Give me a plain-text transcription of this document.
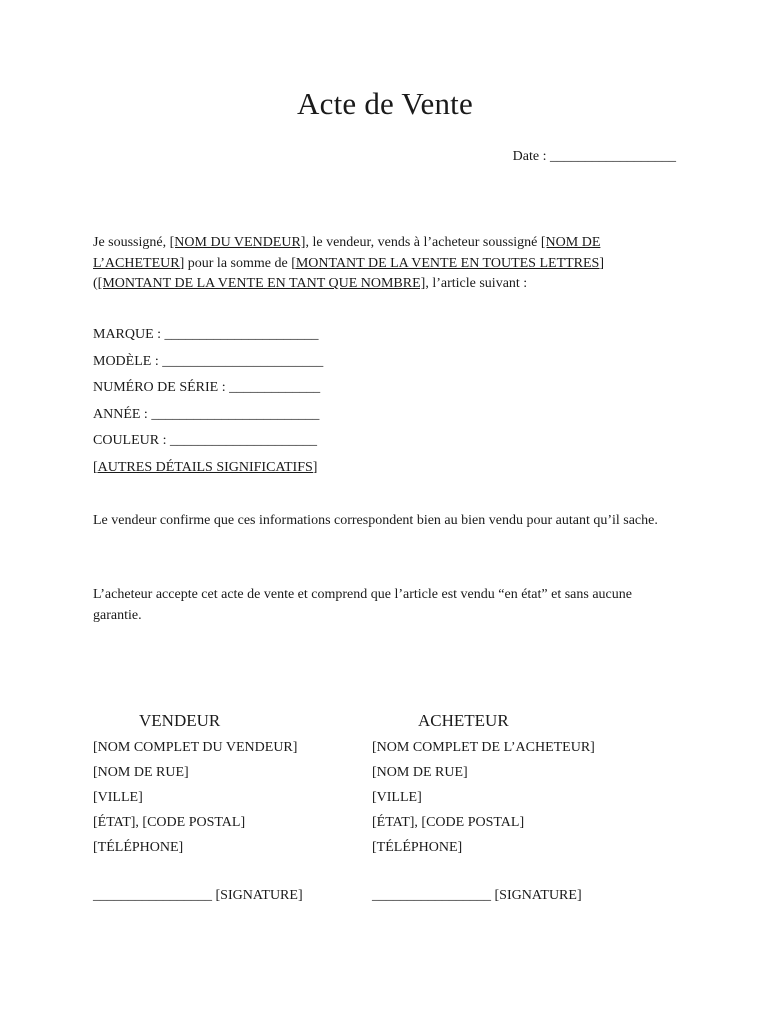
Acte de Vente
Date : __________________
Je soussigné, [NOM DU VENDEUR], le vendeur, vends à l’acheteur soussigné [NOM DE L’ACHETEUR] pour la somme de [MONTANT DE LA VENTE EN TOUTES LETTRES] ([MONTANT DE LA VENTE EN TANT QUE NOMBRE], l’article suivant :
MARQUE : ______________________
MODÈLE : _______________________
NUMÉRO DE SÉRIE : _____________
ANNÉE : ________________________
COULEUR : _____________________
[AUTRES DÉTAILS SIGNIFICATIFS]
Le vendeur confirme que ces informations correspondent bien au bien vendu pour autant qu’il sache.
L’acheteur accepte cet acte de vente et comprend que l’article est vendu “en état” et sans aucune garantie.
VENDEUR
[NOM COMPLET DU VENDEUR]
[NOM DE RUE]
[VILLE]
[ÉTAT], [CODE POSTAL]
[TÉLÉPHONE]
ACHETEUR
[NOM COMPLET DE L’ACHETEUR]
[NOM DE RUE]
[VILLE]
[ÉTAT], [CODE POSTAL]
[TÉLÉPHONE]
_________________ [SIGNATURE]	_________________ [SIGNATURE]
